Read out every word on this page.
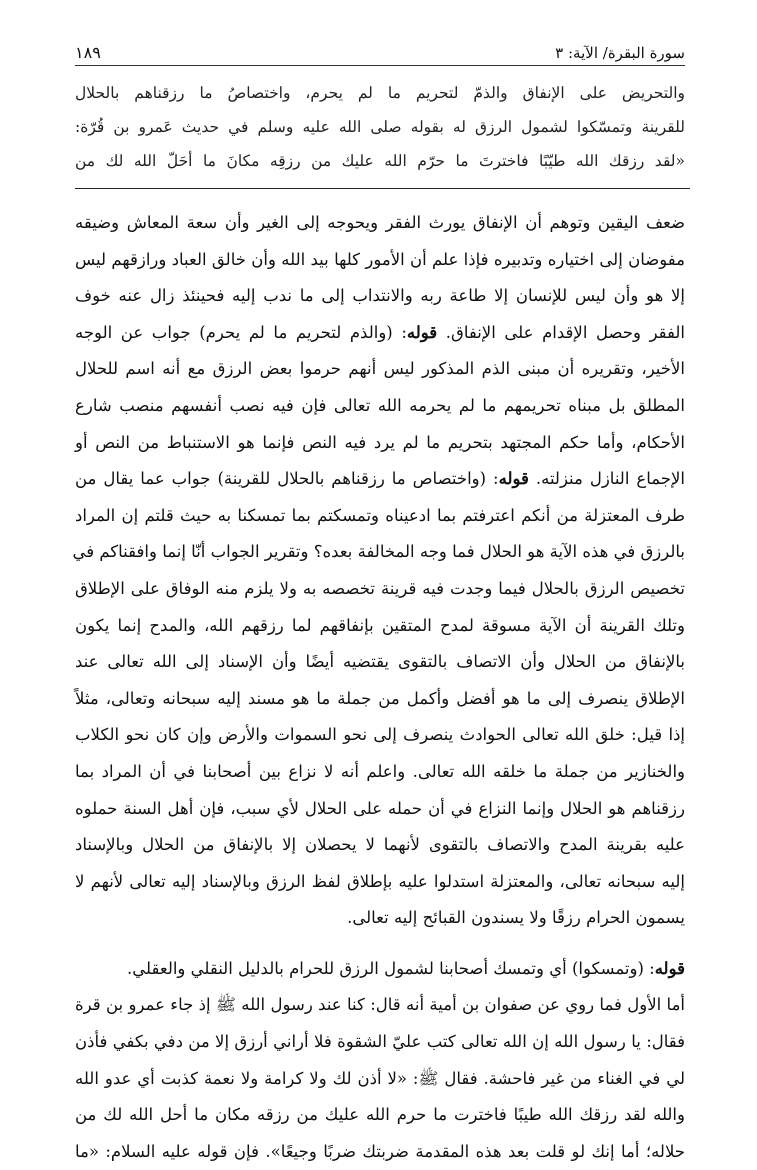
سورة البقرة/ الآية: ٣
١٨٩

والتحريض على الإنفاق والذمّ لتحريم ما لم يحرم، واختصاصُ ما رزقناهم بالحلال

للقرينة وتمسّكوا لشمول الرزق له بقوله صلى الله عليه وسلم في حديث عَمرو بن قُرّة:

«لقد رزقك الله طيّبًا فاخترتَ ما حرّم الله عليك من رزقِه مكانَ ما أحَلّ الله لك من

ضعف اليقين وتوهم أن الإنفاق يورث الفقر ويحوجه إلى الغير وأن سعة المعاش وضيقه
مفوضان إلى اختياره وتدبيره فإذا علم أن الأمور كلها بيد الله وأن خالق العباد ورازقهم ليس
إلا هو وأن ليس للإنسان إلا طاعة ربه والانتداب إلى ما ندب إليه فحينئذ زال عنه خوف
الفقر وحصل الإقدام على الإنفاق. قوله: (والذم لتحريم ما لم يحرم) جواب عن الوجه
الأخير، وتقريره أن مبنى الذم المذكور ليس أنهم حرموا بعض الرزق مع أنه اسم للحلال
المطلق بل مبناه تحريمهم ما لم يحرمه الله تعالى فإن فيه نصب أنفسهم منصب شارع
الأحكام، وأما حكم المجتهد بتحريم ما لم يرد فيه النص فإنما هو الاستنباط من النص أو
الإجماع النازل منزلته. قوله: (واختصاص ما رزقناهم بالحلال للقرينة) جواب عما يقال من
طرف المعتزلة من أنكم اعترفتم بما ادعيناه وتمسكتم بما تمسكنا به حيث قلتم إن المراد
بالرزق في هذه الآية هو الحلال فما وجه المخالفة بعده؟ وتقرير الجواب أنّا إنما وافقناكم في
تخصيص الرزق بالحلال فيما وجدت فيه قرينة تخصصه به ولا يلزم منه الوفاق على الإطلاق
وتلك القرينة أن الآية مسوقة لمدح المتقين بإنفاقهم لما رزقهم الله، والمدح إنما يكون
بالإنفاق من الحلال وأن الاتصاف بالتقوى يقتضيه أيضًا وأن الإسناد إلى الله تعالى عند
الإطلاق ينصرف إلى ما هو أفضل وأكمل من جملة ما هو مسند إليه سبحانه وتعالى، مثلاً
إذا قيل: خلق الله تعالى الحوادث ينصرف إلى نحو السموات والأرض وإن كان نحو الكلاب
والخنازير من جملة ما خلقه الله تعالى. واعلم أنه لا نزاع بين أصحابنا في أن المراد بما
رزقناهم هو الحلال وإنما النزاع في أن حمله على الحلال لأي سبب، فإن أهل السنة حملوه
عليه بقرينة المدح والاتصاف بالتقوى لأنهما لا يحصلان إلا بالإنفاق من الحلال وبالإسناد
إليه سبحانه تعالى، والمعتزلة استدلوا عليه بإطلاق لفظ الرزق وبالإسناد إليه تعالى لأنهم لا
يسمون الحرام رزقًا ولا يسندون القبائح إليه تعالى.
قوله: (وتمسكوا) أي وتمسك أصحابنا لشمول الرزق للحرام بالدليل النقلي والعقلي.
أما الأول فما روي عن صفوان بن أمية أنه قال: كنا عند رسول الله ﷺ إذ جاء عمرو بن قرة
فقال: يا رسول الله إن الله تعالى كتب عليّ الشقوة فلا أراني أرزق إلا من دفي بكفي فأذن
لي في الغناء من غير فاحشة. فقال ﷺ: «لا أذن لك ولا كرامة ولا نعمة كذبت أي عدو الله
والله لقد رزقك الله طيبًا فاخترت ما حرم الله عليك من رزقه مكان ما أحل الله لك من
حلاله؛ أما إنك لو قلت بعد هذه المقدمة ضربتك ضربًا وجيعًا». فإن قوله عليه السلام: «ما
